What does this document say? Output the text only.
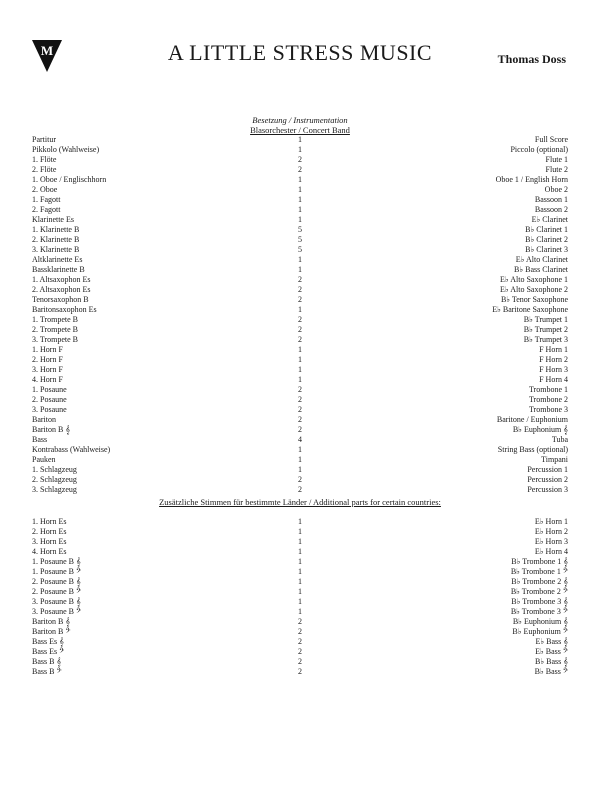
M	A LITTLE STRESS MUSIC	Thomas Doss
Besetzung / Instrumentation
Blasorchester / Concert Band
Partitur	1	Full Score
Pikkolo (Wahlweise)	1	Piccolo (optional)
1. Flöte	2	Flute 1
2. Flöte	2	Flute 2
1. Oboe / Englischhorn	1	Oboe 1 / English Horn
2. Oboe	1	Oboe 2
1. Fagott	1	Bassoon 1
2. Fagott	1	Bassoon 2
Klarinette Es	1	E♭ Clarinet
1. Klarinette B	5	B♭ Clarinet 1
2. Klarinette B	5	B♭ Clarinet 2
3. Klarinette B	5	B♭ Clarinet 3
Altklarinette Es	1	E♭ Alto Clarinet
Bassklarinette B	1	B♭ Bass Clarinet
1. Altsaxophon Es	2	E♭ Alto Saxophone 1
2. Altsaxophon Es	2	E♭ Alto Saxophone 2
Tenorsaxophon B	2	B♭ Tenor Saxophone
Baritonsaxophon Es	1	E♭ Baritone Saxophone
1. Trompete B	2	B♭ Trumpet 1
2. Trompete B	2	B♭ Trumpet 2
3. Trompete B	2	B♭ Trumpet 3
1. Horn F	1	F Horn 1
2. Horn F	1	F Horn 2
3. Horn F	1	F Horn 3
4. Horn F	1	F Horn 4
1. Posaune	2	Trombone 1
2. Posaune	2	Trombone 2
3. Posaune	2	Trombone 3
Bariton	2	Baritone / Euphonium
Bariton B 𝄞	2	B♭ Euphonium 𝄞
Bass	4	Tuba
Kontrabass (Wahlweise)	1	String Bass (optional)
Pauken	1	Timpani
1. Schlagzeug	1	Percussion 1
2. Schlagzeug	2	Percussion 2
3. Schlagzeug	2	Percussion 3
Zusätzliche Stimmen für bestimmte Länder / Additional parts for certain countries:
1. Horn Es	1	E♭ Horn 1
2. Horn Es	1	E♭ Horn 2
3. Horn Es	1	E♭ Horn 3
4. Horn Es	1	E♭ Horn 4
1. Posaune B 𝄞	1	B♭ Trombone 1 𝄞
1. Posaune B 𝄢	1	B♭ Trombone 1 𝄢
2. Posaune B 𝄞	1	B♭ Trombone 2 𝄞
2. Posaune B 𝄢	1	B♭ Trombone 2 𝄢
3. Posaune B 𝄞	1	B♭ Trombone 3 𝄞
3. Posaune B 𝄢	1	B♭ Trombone 3 𝄢
Bariton B 𝄞	2	B♭ Euphonium 𝄞
Bariton B 𝄢	2	B♭ Euphonium 𝄢
Bass Es 𝄞	2	E♭ Bass 𝄞
Bass Es 𝄢	2	E♭ Bass 𝄢
Bass B 𝄞	2	B♭ Bass 𝄞
Bass B 𝄢	2	B♭ Bass 𝄢
